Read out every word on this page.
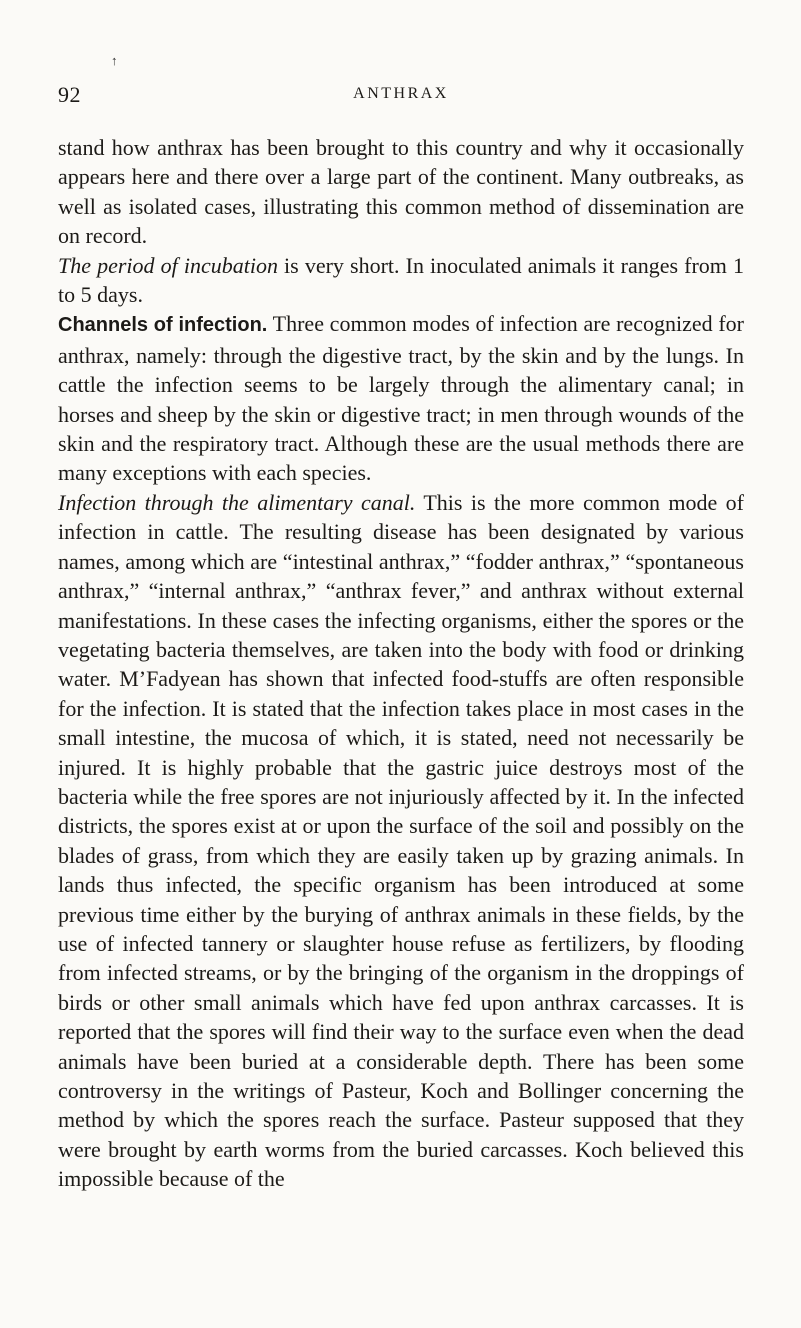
↑
92	ANTHRAX

stand how anthrax has been brought to this country and why it occasionally appears here and there over a large part of the continent. Many outbreaks, as well as isolated cases, illustrating this common method of dissemination are on record.

The period of incubation is very short. In inoculated animals it ranges from 1 to 5 days.

Channels of infection. Three common modes of infection are recognized for anthrax, namely: through the digestive tract, by the skin and by the lungs. In cattle the infection seems to be largely through the alimentary canal; in horses and sheep by the skin or digestive tract; in men through wounds of the skin and the respiratory tract. Although these are the usual methods there are many exceptions with each species.

Infection through the alimentary canal. This is the more common mode of infection in cattle. The resulting disease has been designated by various names, among which are “intestinal anthrax,” “fodder anthrax,” “spontaneous anthrax,” “internal anthrax,” “anthrax fever,” and anthrax without external manifestations. In these cases the infecting organisms, either the spores or the vegetating bacteria themselves, are taken into the body with food or drinking water. M’Fadyean has shown that infected food-stuffs are often responsible for the infection. It is stated that the infection takes place in most cases in the small intestine, the mucosa of which, it is stated, need not necessarily be injured. It is highly probable that the gastric juice destroys most of the bacteria while the free spores are not injuriously affected by it. In the infected districts, the spores exist at or upon the surface of the soil and possibly on the blades of grass, from which they are easily taken up by grazing animals. In lands thus infected, the specific organism has been introduced at some previous time either by the burying of anthrax animals in these fields, by the use of infected tannery or slaughter house refuse as fertilizers, by flooding from infected streams, or by the bringing of the organism in the droppings of birds or other small animals which have fed upon anthrax carcasses. It is reported that the spores will find their way to the surface even when the dead animals have been buried at a considerable depth. There has been some controversy in the writings of Pasteur, Koch and Bollinger concerning the method by which the spores reach the surface. Pasteur supposed that they were brought by earth worms from the buried carcasses. Koch believed this impossible because of the
